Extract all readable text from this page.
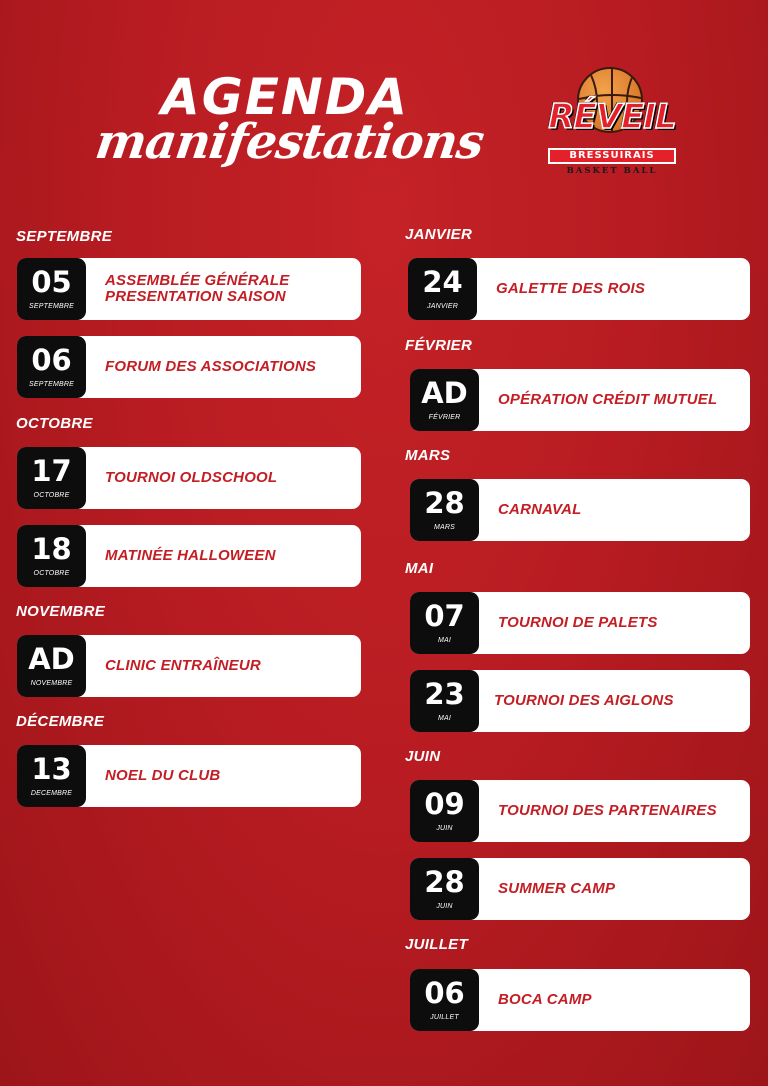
AGENDA
manifestations RÉVEIL
BRESSUIRAIS
BASKET BALL
SEPTEMBRE
05
SEPTEMBRE
ASSEMBLÉE GÉNÉRALE PRESENTATION SAISON
06
SEPTEMBRE
FORUM DES ASSOCIATIONS
OCTOBRE
17
OCTOBRE
TOURNOI OLDSCHOOL
18
OCTOBRE
MATINÉE HALLOWEEN
NOVEMBRE
AD
NOVEMBRE
CLINIC ENTRAÎNEUR
DÉCEMBRE
13
DECEMBRE
NOEL DU CLUB
JANVIER
24
JANVIER
GALETTE DES ROIS
FÉVRIER
AD
FÉVRIER
OPÉRATION CRÉDIT MUTUEL
MARS
28
MARS
CARNAVAL
MAI
07
MAI
TOURNOI DE PALETS
23
MAI
TOURNOI DES AIGLONS
JUIN
09
JUIN
TOURNOI DES PARTENAIRES
28
JUIN
SUMMER CAMP
JUILLET
06
JUILLET
BOCA CAMP
